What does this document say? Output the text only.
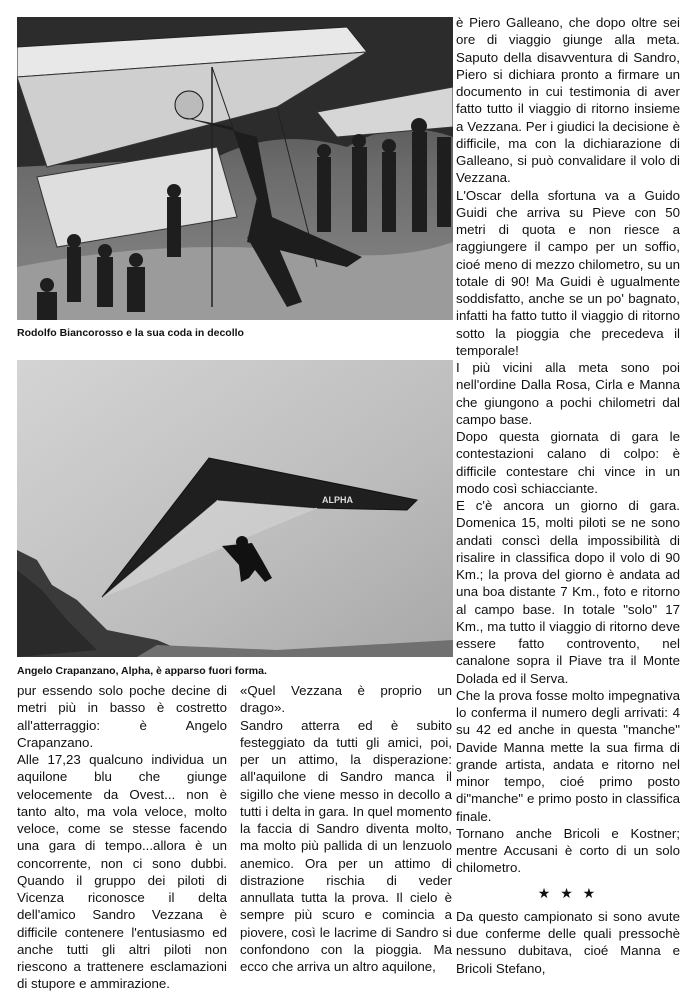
Rodolfo Biancorosso e la sua coda in decollo
ALPHA
Angelo Crapanzano, Alpha, è apparso fuori forma.

è Piero Galleano, che dopo oltre sei ore di viaggio giunge alla meta. Saputo della disavventura di Sandro, Piero si dichiara pronto a firmare un documento in cui testimonia di aver fatto tutto il viaggio di ritorno insieme a Vezzana. Per i giudici la decisione è difficile, ma con la dichiarazione di Galleano, si può convalidare il volo di Vezzana.

L'Oscar della sfortuna va a Guido Guidi che arriva su Pieve con 50 metri di quota e non riesce a raggiungere il campo per un soffio, cioé meno di mezzo chilometro, su un totale di 90! Ma Guidi è ugualmente soddisfatto, anche se un po' bagnato, infatti ha fatto tutto il viaggio di ritorno sotto la pioggia che precedeva il temporale!

I più vicini alla meta sono poi nell'ordine Dalla Rosa, Cirla e Manna che giungono a pochi chilometri dal campo base.

Dopo questa giornata di gara le contestazioni calano di colpo: è difficile contestare chi vince in un modo così schiacciante.

E c'è ancora un giorno di gara. Domenica 15, molti piloti se ne sono andati conscì della impossibilità di risalire in classifica dopo il volo di 90 Km.; la prova del giorno è andata ad una boa distante 7 Km., foto e ritorno al campo base. In totale "solo" 17 Km., ma tutto il viaggio di ritorno deve essere fatto controvento, nel canalone sopra il Piave tra il Monte Dolada ed il Serva.

Che la prova fosse molto impegnativa lo conferma il numero degli arrivati: 4 su 42 ed anche in questa "manche" Davide Manna mette la sua firma di grande artista, andata e ritorno nel minor tempo, cioé primo posto di"manche" e primo posto in classifica finale.

Tornano anche Bricoli e Kostner; mentre Accusani è corto di un solo chilometro.

★ ★ ★

Da questo campionato si sono avute due conferme delle quali pressochè nessuno dubitava, cioé Manna e Bricoli Stefano,

pur essendo solo poche decine di metri più in basso è costretto all'atterraggio: è Angelo Crapanzano.

Alle 17,23 qualcuno individua un aquilone blu che giunge velocemente da Ovest... non è tanto alto, ma vola veloce, molto veloce, come se stesse facendo una gara di tempo...allora è un concorrente, non ci sono dubbi. Quando il gruppo dei piloti di Vicenza riconosce il delta dell'amico Sandro Vezzana è difficile contenere l'entusiasmo ed anche tutti gli altri piloti non riescono a trattenere esclamazioni di stupore e ammirazione.

«Quel Vezzana è proprio un drago».

Sandro atterra ed è subito festeggiato da tutti gli amici, poi, per un attimo, la disperazione: all'aquilone di Sandro manca il sigillo che viene messo in decollo a tutti i delta in gara. In quel momento la faccia di Sandro diventa molto, ma molto più pallida di un lenzuolo anemico. Ora per un attimo di distrazione rischia di veder annullata tutta la prova. Il cielo è sempre più scuro e comincia a piovere, così le lacrime di Sandro si confondono con la pioggia. Ma ecco che arriva un altro aquilone,
